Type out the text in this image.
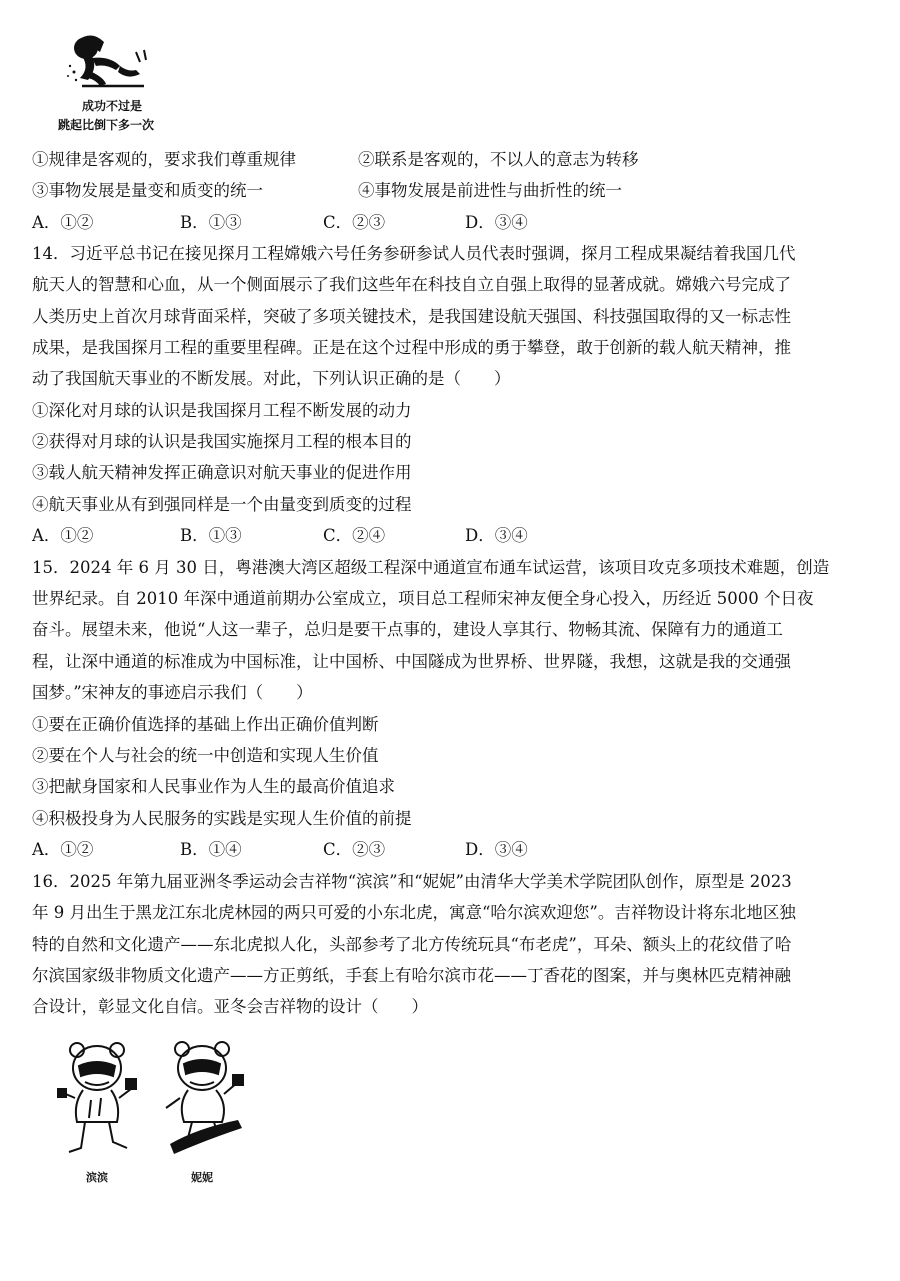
成功不过是
跳起比倒下多一次
①规律是客观的，要求我们尊重规律	②联系是客观的，不以人的意志为转移
③事物发展是量变和质变的统一	④事物发展是前进性与曲折性的统一
A．①②	B．①③	C．②③	D．③④
14．习近平总书记在接见探月工程嫦娥六号任务参研参试人员代表时强调，探月工程成果凝结着我国几代
航天人的智慧和心血，从一个侧面展示了我们这些年在科技自立自强上取得的显著成就。嫦娥六号完成了
人类历史上首次月球背面采样，突破了多项关键技术，是我国建设航天强国、科技强国取得的又一标志性
成果，是我国探月工程的重要里程碑。正是在这个过程中形成的勇于攀登，敢于创新的载人航天精神，推
动了我国航天事业的不断发展。对此，下列认识正确的是（　　）
①深化对月球的认识是我国探月工程不断发展的动力
②获得对月球的认识是我国实施探月工程的根本目的
③载人航天精神发挥正确意识对航天事业的促进作用
④航天事业从有到强同样是一个由量变到质变的过程
A．①②	B．①③	C．②④	D．③④
15．2024 年 6 月 30 日，粤港澳大湾区超级工程深中通道宣布通车试运营，该项目攻克多项技术难题，创造
世界纪录。自 2010 年深中通道前期办公室成立，项目总工程师宋神友便全身心投入，历经近 5000 个日夜
奋斗。展望未来，他说“人这一辈子，总归是要干点事的，建设人享其行、物畅其流、保障有力的通道工
程，让深中通道的标准成为中国标准，让中国桥、中国隧成为世界桥、世界隧，我想，这就是我的交通强
国梦。”宋神友的事迹启示我们（　　）
①要在正确价值选择的基础上作出正确价值判断
②要在个人与社会的统一中创造和实现人生价值
③把献身国家和人民事业作为人生的最高价值追求
④积极投身为人民服务的实践是实现人生价值的前提
A．①②	B．①④	C．②③	D．③④
16．2025 年第九届亚洲冬季运动会吉祥物“滨滨”和“妮妮”由清华大学美术学院团队创作，原型是 2023
年 9 月出生于黑龙江东北虎林园的两只可爱的小东北虎，寓意“哈尔滨欢迎您”。吉祥物设计将东北地区独
特的自然和文化遗产——东北虎拟人化，头部参考了北方传统玩具“布老虎”，耳朵、额头上的花纹借了哈
尔滨国家级非物质文化遗产——方正剪纸，手套上有哈尔滨市花——丁香花的图案，并与奥林匹克精神融
合设计，彰显文化自信。亚冬会吉祥物的设计（　　）
滨滨	妮妮
